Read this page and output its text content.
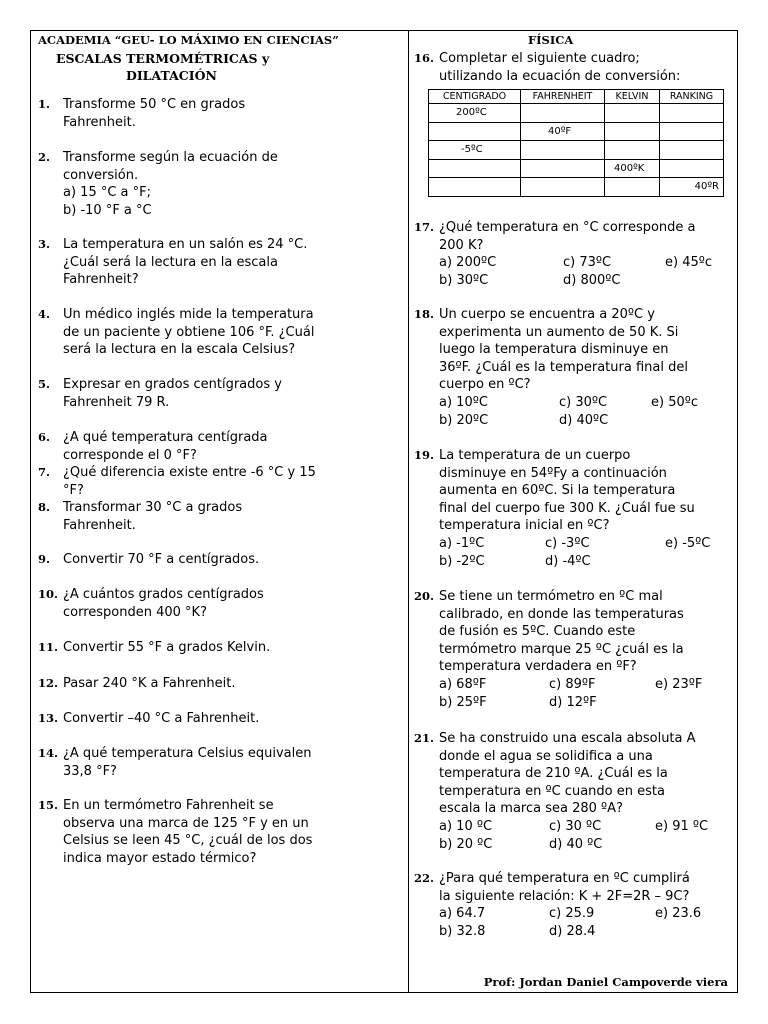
ACADEMIA “GEU- LO MÁXIMO EN CIENCIAS”	FÍSICA
ESCALAS TERMOMÉTRICAS y
DILATACIÓN
1. Transforme 50 °C en grados
Fahrenheit.
2. Transforme según la ecuación de
conversión.
a) 15 °C a °F;
b) -10 °F a °C
3. La temperatura en un salón es 24 °C.
¿Cuál será la lectura en la escala
Fahrenheit?
4. Un médico inglés mide la temperatura
de un paciente y obtiene 106 °F. ¿Cuál
será la lectura en la escala Celsius?
5. Expresar en grados centígrados y
Fahrenheit 79 R.
6. ¿A qué temperatura centígrada
corresponde el 0 °F?
7. ¿Qué diferencia existe entre -6 °C y 15
°F?
8. Transformar 30 °C a grados
Fahrenheit.
9. Convertir 70 °F a centígrados.
10. ¿A cuántos grados centígrados
corresponden 400 °K?
11. Convertir 55 °F a grados Kelvin.
12. Pasar 240 °K a Fahrenheit.
13. Convertir –40 °C a Fahrenheit.
14. ¿A qué temperatura Celsius equivalen
33,8 °F?
15. En un termómetro Fahrenheit se
observa una marca de 125 °F y en un
Celsius se leen 45 °C, ¿cuál de los dos
indica mayor estado térmico?
16. Completar el siguiente cuadro;
utilizando la ecuación de conversión:
CENTIGRADO	FAHRENHEIT	KELVIN	RANKING
200ºC			
	40ºF		
-5ºC			
		400ºK	
			40ºR
17. ¿Qué temperatura en °C corresponde a
200 K?
a) 200ºC	c) 73ºC	e) 45ºc
b) 30ºC	d) 800ºC
18. Un cuerpo se encuentra a 20ºC y
experimenta un aumento de 50 K. Si
luego la temperatura disminuye en
36ºF. ¿Cuál es la temperatura final del
cuerpo en ºC?
a) 10ºC	c) 30ºC	e) 50ºc
b) 20ºC	d) 40ºC
19. La temperatura de un cuerpo
disminuye en 54ºFy a continuación
aumenta en 60ºC. Si la temperatura
final del cuerpo fue 300 K. ¿Cuál fue su
temperatura inicial en ºC?
a) -1ºC	c) -3ºC	e) -5ºC
b) -2ºC	d) -4ºC
20. Se tiene un termómetro en ºC mal
calibrado, en donde las temperaturas
de fusión es 5ºC. Cuando este
termómetro marque 25 ºC ¿cuál es la
temperatura verdadera en ºF?
a) 68ºF	c) 89ºF	e) 23ºF
b) 25ºF	d) 12ºF
21. Se ha construido una escala absoluta A
donde el agua se solidifica a una
temperatura de 210 ºA. ¿Cuál es la
temperatura en ºC cuando en esta
escala la marca sea 280 ºA?
a) 10 ºC	c) 30 ºC	e) 91 ºC
b) 20 ºC	d) 40 ºC
22. ¿Para qué temperatura en ºC cumplirá
la siguiente relación: K + 2F=2R – 9C?
a) 64.7	c) 25.9	e) 23.6
b) 32.8	d) 28.4
Prof: Jordan Daniel Campoverde viera
